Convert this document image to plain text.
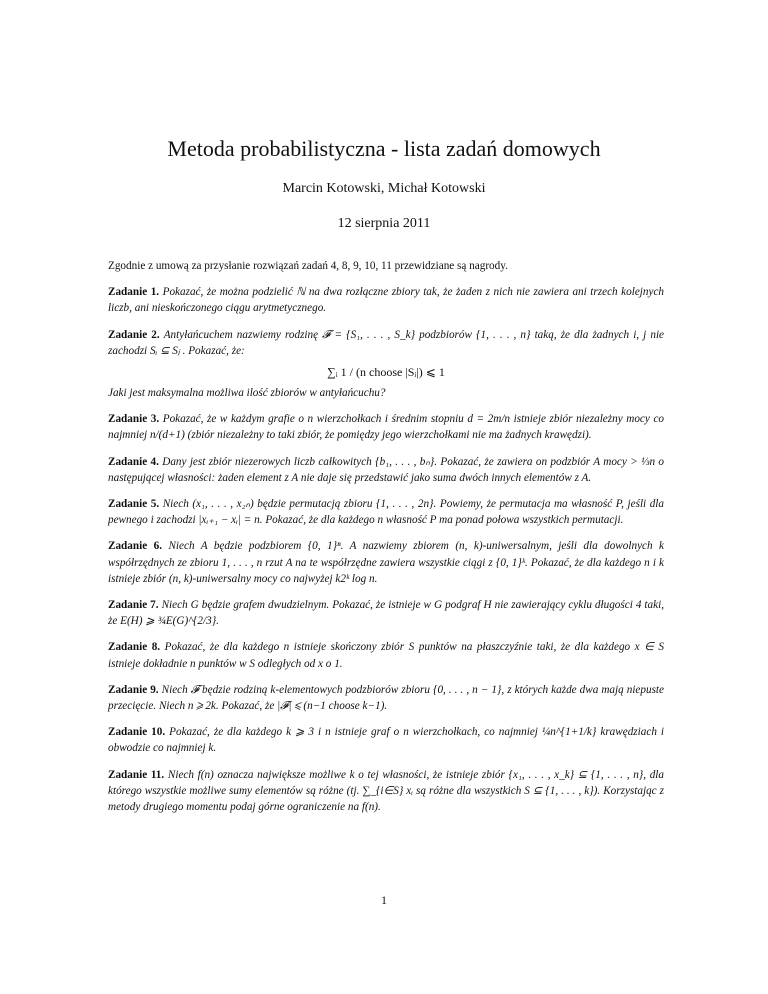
Metoda probabilistyczna - lista zadań domowych
Marcin Kotowski, Michał Kotowski
12 sierpnia 2011

Zgodnie z umową za przysłanie rozwiązań zadań 4, 8, 9, 10, 11 przewidziane są nagrody.

Zadanie 1. Pokazać, że można podzielić ℕ na dwa rozłączne zbiory tak, że żaden z nich nie zawiera ani trzech kolejnych liczb, ani nieskończonego ciągu arytmetycznego.

Zadanie 2. Antyłańcuchem nazwiemy rodzinę 𝓕 = {S₁, . . . , S_k} podzbiorów {1, . . . , n} taką, że dla żadnych i, j nie zachodzi Sᵢ ⊆ Sⱼ . Pokazać, że:
∑ᵢ 1 / (n choose |Sᵢ|) ⩽ 1
Jaki jest maksymalna możliwa ilość zbiorów w antyłańcuchu?

Zadanie 3. Pokazać, że w każdym grafie o n wierzchołkach i średnim stopniu d = 2m/n istnieje zbiór niezależny mocy co najmniej n/(d+1) (zbiór niezależny to taki zbiór, że pomiędzy jego wierzchołkami nie ma żadnych krawędzi).

Zadanie 4. Dany jest zbiór niezerowych liczb całkowitych {b₁, . . . , bₙ}. Pokazać, że zawiera on podzbiór A mocy > ⅓n o następującej własności: żaden element z A nie daje się przedstawić jako suma dwóch innych elementów z A.

Zadanie 5. Niech (x₁, . . . , x₂ₙ) będzie permutacją zbioru {1, . . . , 2n}. Powiemy, że permutacja ma własność P, jeśli dla pewnego i zachodzi |xᵢ₊₁ − xᵢ| = n. Pokazać, że dla każdego n własność P ma ponad połowa wszystkich permutacji.

Zadanie 6. Niech A będzie podzbiorem {0, 1}ⁿ. A nazwiemy zbiorem (n, k)-uniwersalnym, jeśli dla dowolnych k współrzędnych ze zbioru 1, . . . , n rzut A na te współrzędne zawiera wszystkie ciągi z {0, 1}ᵏ. Pokazać, że dla każdego n i k istnieje zbiór (n, k)-uniwersalny mocy co najwyżej k2ᵏ log n.

Zadanie 7. Niech G będzie grafem dwudzielnym. Pokazać, że istnieje w G podgraf H nie zawierający cyklu długości 4 taki, że E(H) ⩾ ¾E(G)^{2/3}.

Zadanie 8. Pokazać, że dla każdego n istnieje skończony zbiór S punktów na płaszczyźnie taki, że dla każdego x ∈ S istnieje dokładnie n punktów w S odległych od x o 1.

Zadanie 9. Niech 𝓕 będzie rodziną k-elementowych podzbiorów zbioru {0, . . . , n − 1}, z których każde dwa mają niepuste przecięcie. Niech n ⩾ 2k. Pokazać, że |𝓕| ⩽ (n−1 choose k−1).

Zadanie 10. Pokazać, że dla każdego k ⩾ 3 i n istnieje graf o n wierzchołkach, co najmniej ¼n^{1+1/k} krawędziach i obwodzie co najmniej k.

Zadanie 11. Niech f(n) oznacza największe możliwe k o tej własności, że istnieje zbiór {x₁, . . . , x_k} ⊆ {1, . . . , n}, dla którego wszystkie możliwe sumy elementów są różne (tj. ∑_{i∈S} xᵢ są różne dla wszystkich S ⊆ {1, . . . , k}). Korzystając z metody drugiego momentu podaj górne ograniczenie na f(n).

1
